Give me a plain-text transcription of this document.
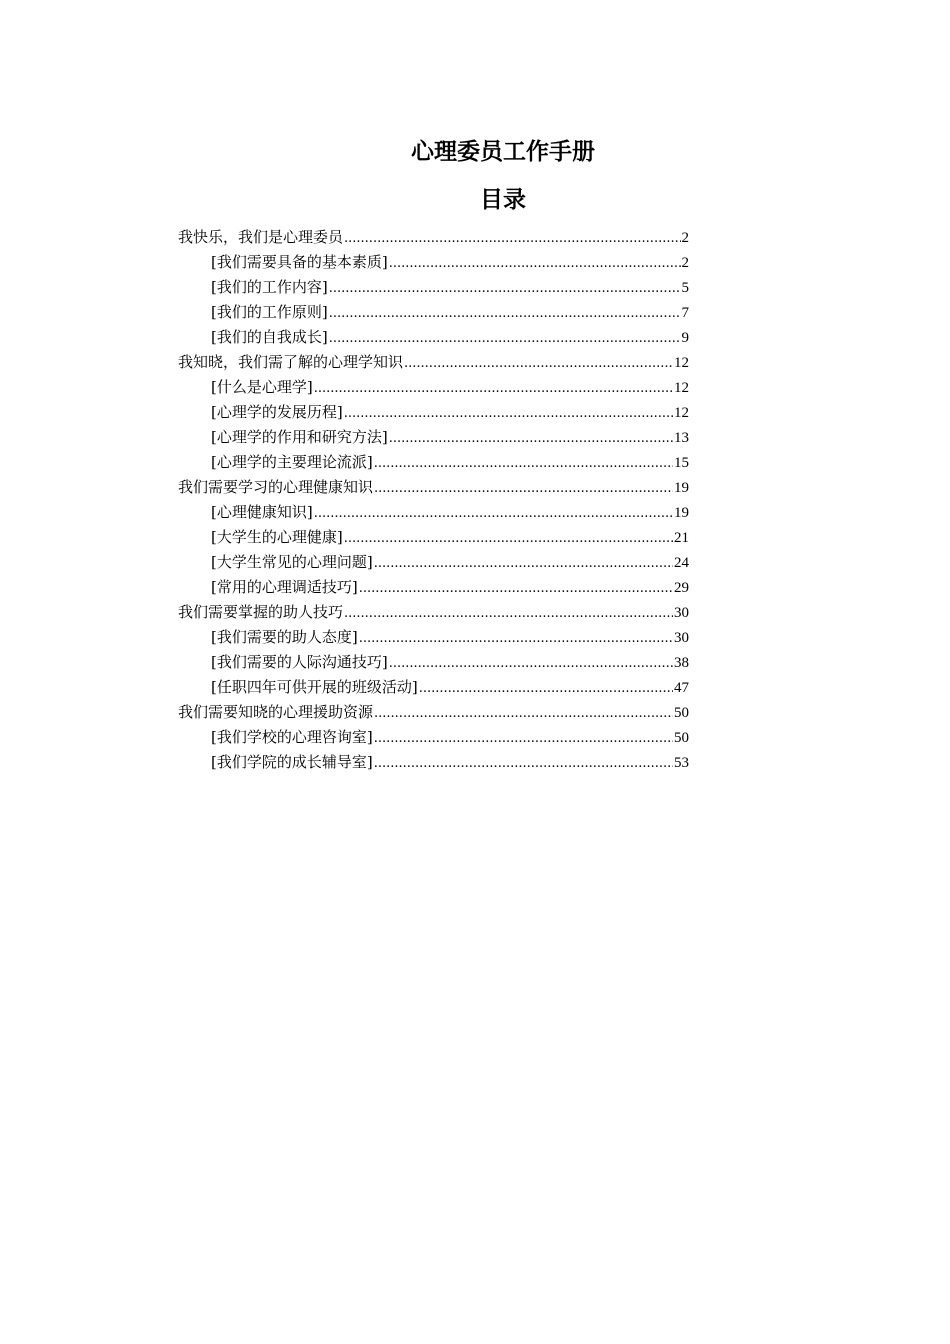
心理委员工作手册
目录
我快乐，我们是心理委员 .....	2
[我们需要具备的基本素质] .....	2
[我们的工作内容] .....	5
[我们的工作原则] .....	7
[我们的自我成长] .....	9
我知晓，我们需了解的心理学知识 .....	12
[什么是心理学] .....	12
[心理学的发展历程] .....	12
[心理学的作用和研究方法] .....	13
[心理学的主要理论流派] .....	15
我们需要学习的心理健康知识 .....	19
[心理健康知识] .....	19
[大学生的心理健康] .....	21
[大学生常见的心理问题] .....	24
[常用的心理调适技巧] .....	29
我们需要掌握的助人技巧 .....	30
[我们需要的助人态度] .....	30
[我们需要的人际沟通技巧] .....	38
[任职四年可供开展的班级活动] .....	47
我们需要知晓的心理援助资源 .....	50
[我们学校的心理咨询室] .....	50
[我们学院的成长辅导室] .....	53
